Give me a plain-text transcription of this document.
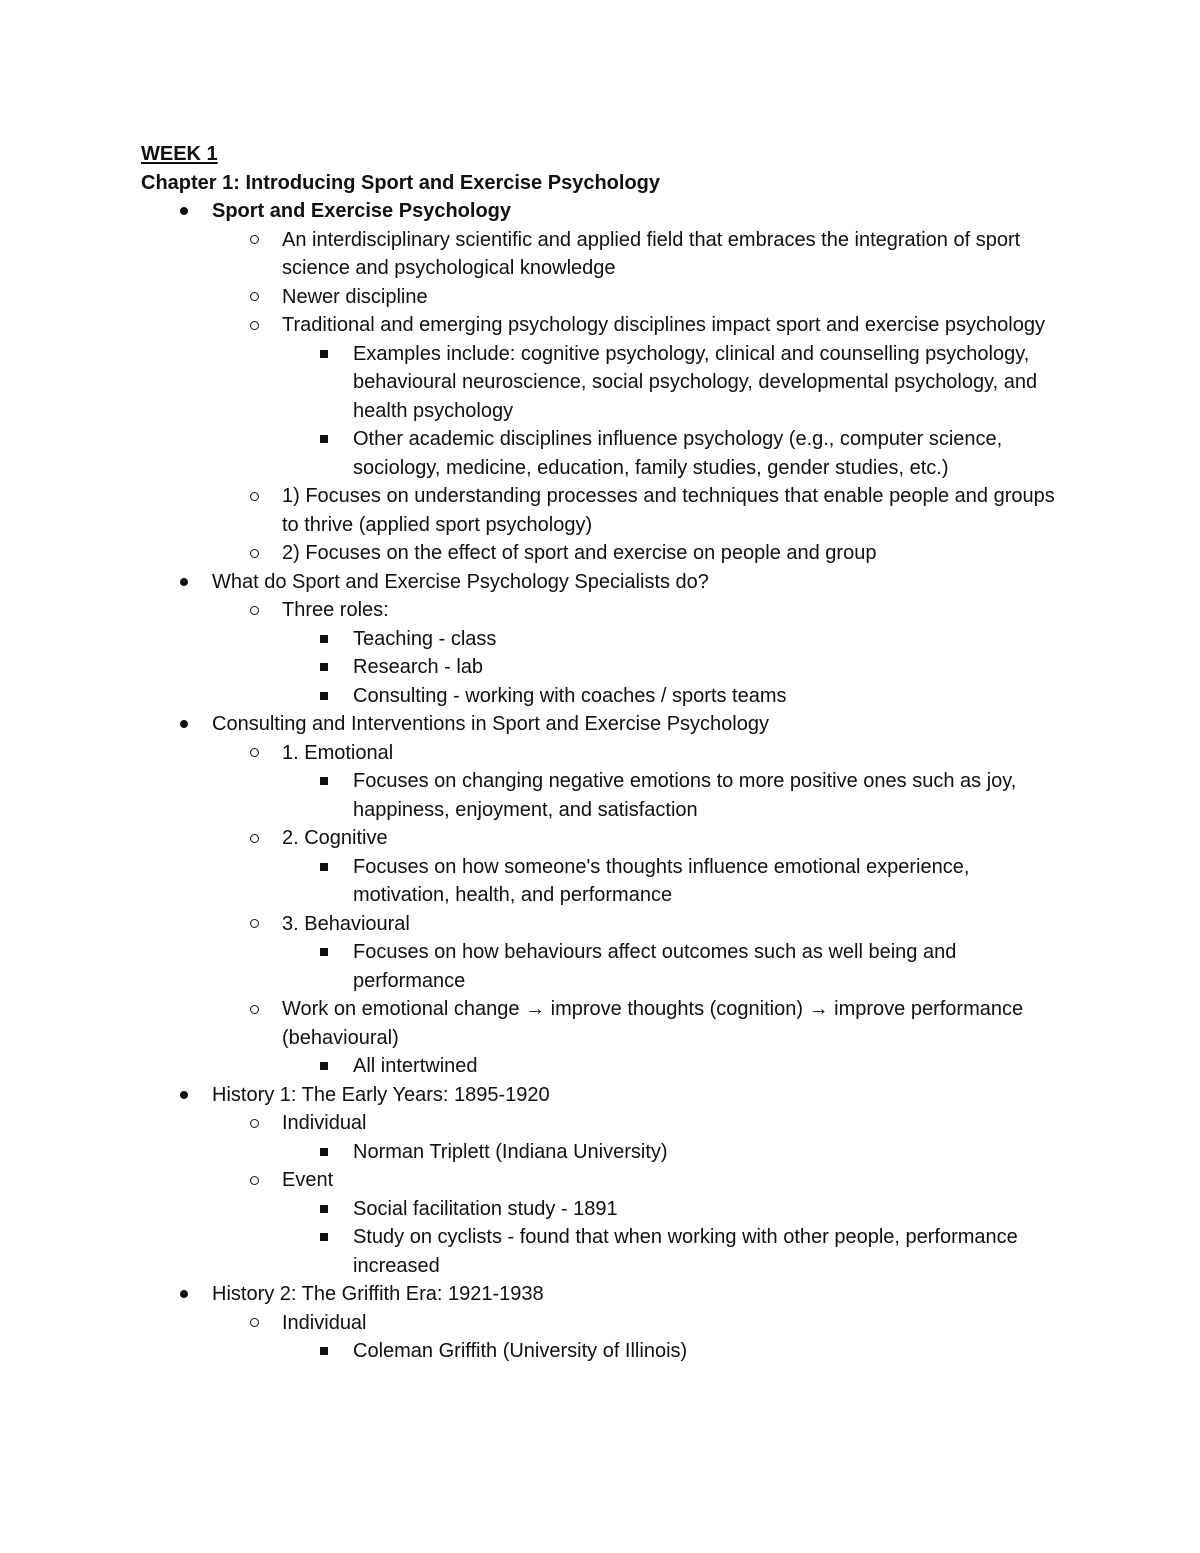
WEEK 1
Chapter 1: Introducing Sport and Exercise Psychology
Sport and Exercise Psychology
An interdisciplinary scientific and applied field that embraces the integration of sport science and psychological knowledge
Newer discipline
Traditional and emerging psychology disciplines impact sport and exercise psychology
Examples include: cognitive psychology, clinical and counselling psychology, behavioural neuroscience, social psychology, developmental psychology, and health psychology
Other academic disciplines influence psychology (e.g., computer science, sociology, medicine, education, family studies, gender studies, etc.)
1) Focuses on understanding processes and techniques that enable people and groups to thrive (applied sport psychology)
2) Focuses on the effect of sport and exercise on people and group
What do Sport and Exercise Psychology Specialists do?
Three roles:
Teaching - class
Research - lab
Consulting - working with coaches / sports teams
Consulting and Interventions in Sport and Exercise Psychology
1. Emotional
Focuses on changing negative emotions to more positive ones such as joy, happiness, enjoyment, and satisfaction
2. Cognitive
Focuses on how someone's thoughts influence emotional experience, motivation, health, and performance
3. Behavioural
Focuses on how behaviours affect outcomes such as well being and performance
Work on emotional change → improve thoughts (cognition) → improve performance (behavioural)
All intertwined
History 1: The Early Years: 1895-1920
Individual
Norman Triplett (Indiana University)
Event
Social facilitation study - 1891
Study on cyclists - found that when working with other people, performance increased
History 2: The Griffith Era: 1921-1938
Individual
Coleman Griffith (University of Illinois)
